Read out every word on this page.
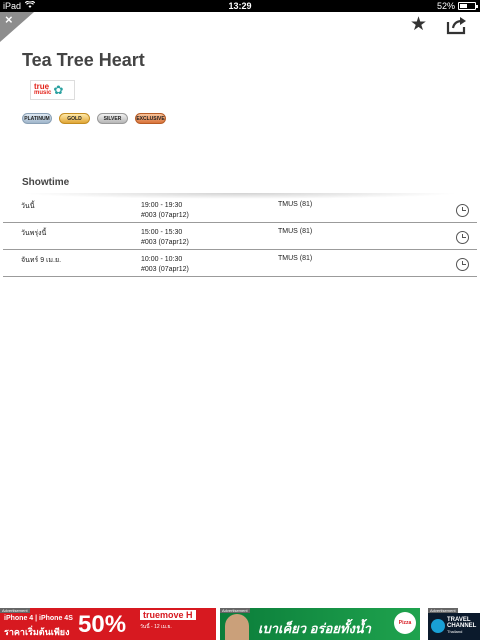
iPad	13:29	52%
×	★
Tea Tree Heart
true
music ✿
PLATINUM	GOLD	SILVER	EXCLUSIVE
Showtime
วันนี้	19:00 - 19:30
#003 (07apr12)
TMUS (81)
วันพรุ่งนี้	15:00 - 15:30
#003 (07apr12)
TMUS (81)
จันทร์ 9 เม.ย.	10:00 - 10:30
#003 (07apr12)
TMUS (81)
Advertisement
iPhone 4 | iPhone 4S
ราคาเริ่มต้นเพียง 50%	truemove H
วันนี้ - 12 เม.ย.
Advertisement
เบาเค็ยว อร่อยทั้งน้ำ	Pizza
Advertisement
TRAVEL
CHANNEL
Thailand
